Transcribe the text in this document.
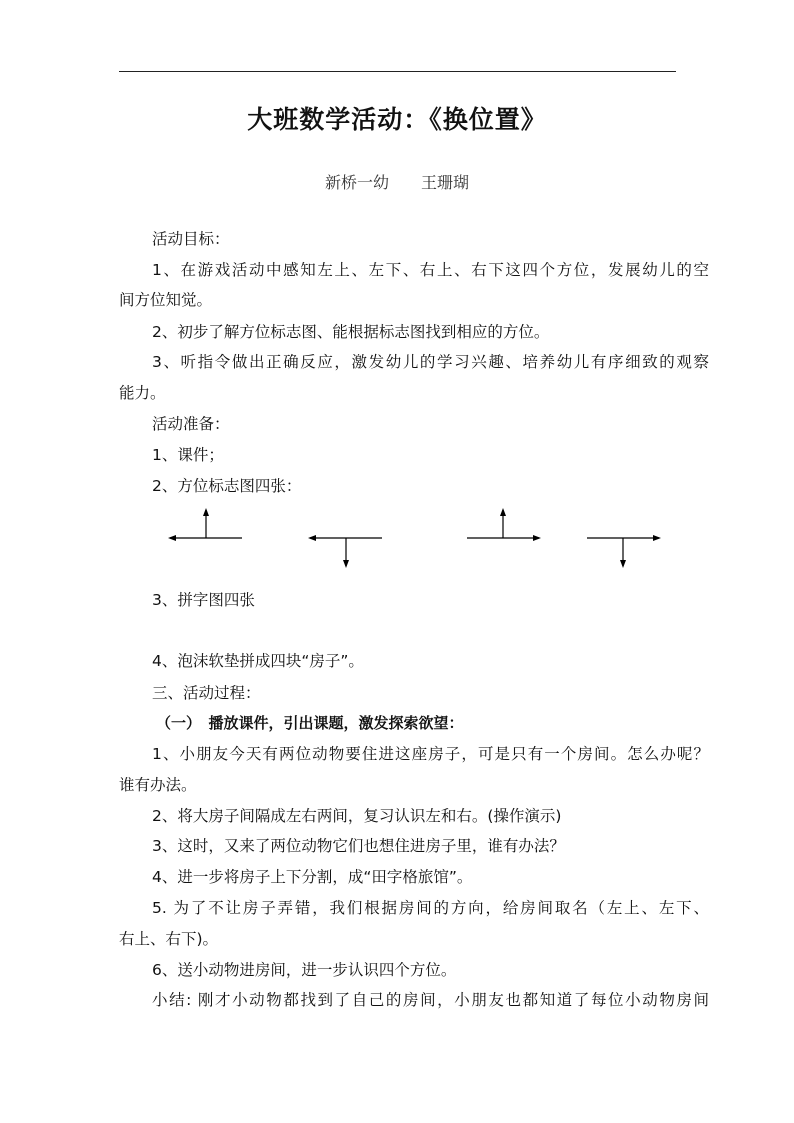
大班数学活动：《换位置》
新桥一幼 王珊瑚
活动目标：
1、在游戏活动中感知左上、左下、右上、右下这四个方位，发展幼儿的空
间方位知觉。
2、初步了解方位标志图、能根据标志图找到相应的方位。
3、听指令做出正确反应，激发幼儿的学习兴趣、培养幼儿有序细致的观察
能力。
活动准备：
1、课件；
2、方位标志图四张：
3、拼字图四张
4、泡沫软垫拼成四块“房子”。
三、活动过程：
（一）　播放课件，引出课题，激发探索欲望：
1、小朋友今天有两位动物要住进这座房子，可是只有一个房间。怎么办呢？
谁有办法。
2、将大房子间隔成左右两间，复习认识左和右。(操作演示)
3、这时，又来了两位动物它们也想住进房子里，谁有办法？
4、进一步将房子上下分割，成“田字格旅馆”。
5. 为了不让房子弄错，我们根据房间的方向，给房间取名（左上、左下、
右上、右下)。
6、送小动物进房间，进一步认识四个方位。
小结: 刚才小动物都找到了自己的房间，小朋友也都知道了每位小动物房间
